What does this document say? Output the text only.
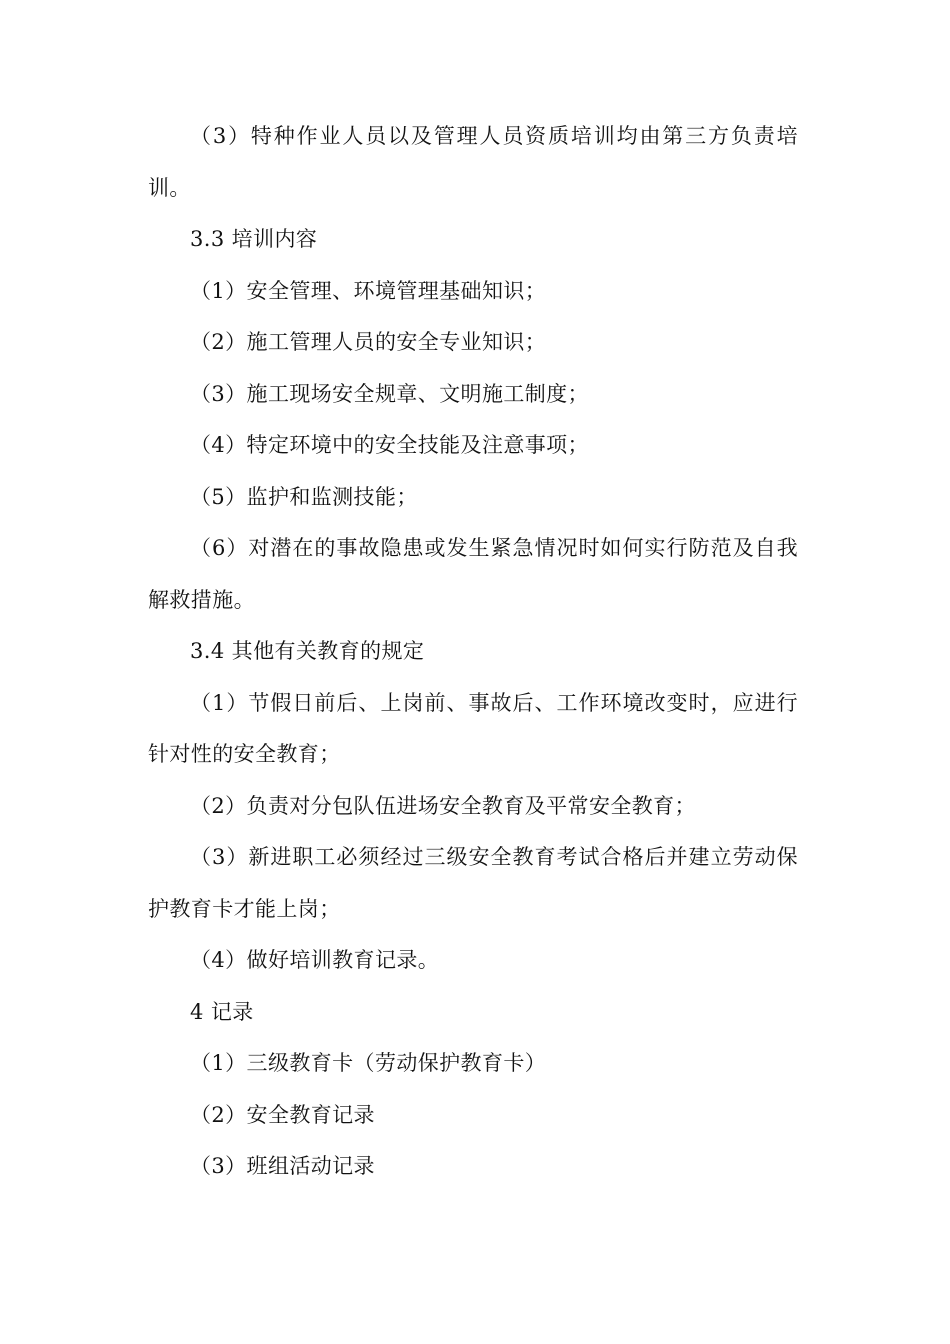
（3）特种作业人员以及管理人员资质培训均由第三方负责培训。

3.3 培训内容

（1）安全管理、环境管理基础知识；

（2）施工管理人员的安全专业知识；

（3）施工现场安全规章、文明施工制度；

（4）特定环境中的安全技能及注意事项；

（5）监护和监测技能；

（6）对潜在的事故隐患或发生紧急情况时如何实行防范及自我解救措施。

3.4 其他有关教育的规定

（1）节假日前后、上岗前、事故后、工作环境改变时，应进行针对性的安全教育；

（2）负责对分包队伍进场安全教育及平常安全教育；

（3）新进职工必须经过三级安全教育考试合格后并建立劳动保护教育卡才能上岗；

（4）做好培训教育记录。

4 记录

（1）三级教育卡（劳动保护教育卡）

（2）安全教育记录

（3）班组活动记录
